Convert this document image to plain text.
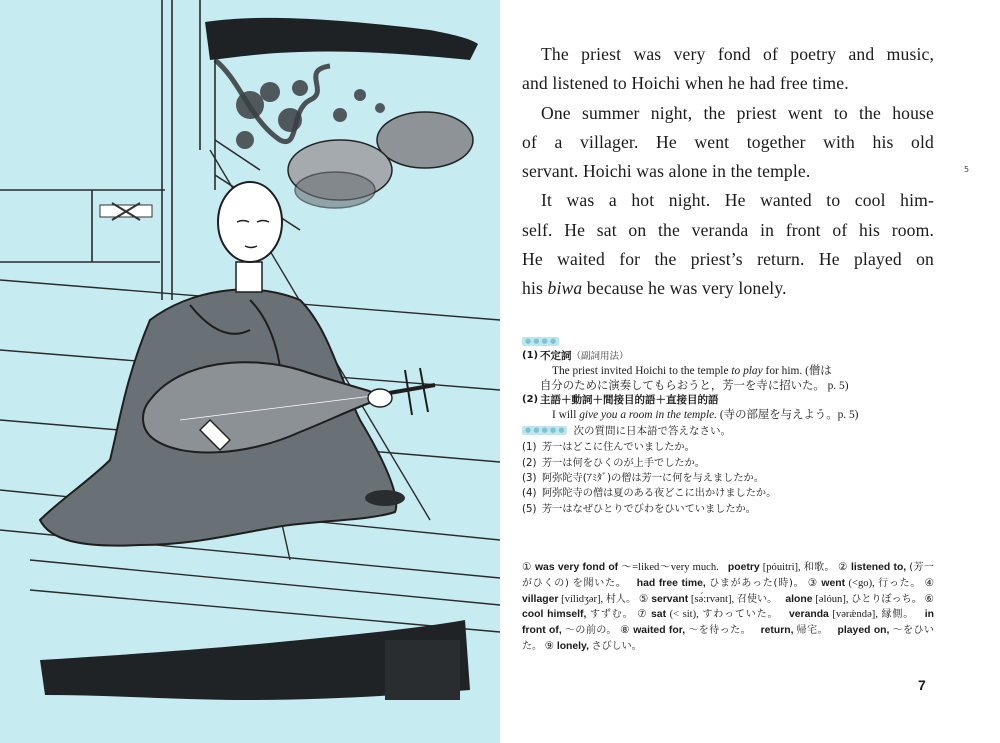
The priest was very fond of poetry and music,
and listened to Hoichi when he had free time.
One summer night, the priest went to the house
of a villager. He went together with his old
servant. Hoichi was alone in the temple.
It was a hot night. He wanted to cool him-
self. He sat on the veranda in front of his room.
He waited for the priest’s return. He played on
his biwa because he was very lonely.
5
● ● ● ●
(1) 不定詞（副詞用法）
The priest invited Hoichi to the temple to play for him. (僧は
自分のために演奏してもらおうと，芳一を寺に招いた。 p. 5)
(2) 主語＋動詞＋間接目的語＋直接目的語
I will give you a room in the temple. (寺の部屋を与えよう。p. 5)
● ● ● ● ● 次の質問に日本語で答えなさい。
(1) 芳一はどこに住んでいましたか。
(2) 芳一は何をひくのが上手でしたか。
(3) 阿弥陀寺(ｱﾐﾀﾞ)の僧は芳一に何を与えましたか。
(4) 阿弥陀寺の僧は夏のある夜どこに出かけましたか。
(5) 芳一はなぜひとりでびわをひいていましたか。
① was very fond of ～=liked～very much. poetry [póuitri], 和歌。 ② listened to, (芳一がひくの) を聞いた。 had free time, ひまがあった(時)。 ③ went (<go), 行った。 ④ villager [vílidʒər], 村人。 ⑤ servant [sə́:rvənt], 召使い。 alone [əlóun], ひとりぼっち。 ⑥ cool himself, すずむ。 ⑦ sat (< sit), すわっていた。 veranda [vərǽndə], 縁側。 in front of, ～の前の。 ⑧ waited for, ～を待った。 return, 帰宅。 played on, ～をひいた。 ⑨ lonely, さびしい。
7
